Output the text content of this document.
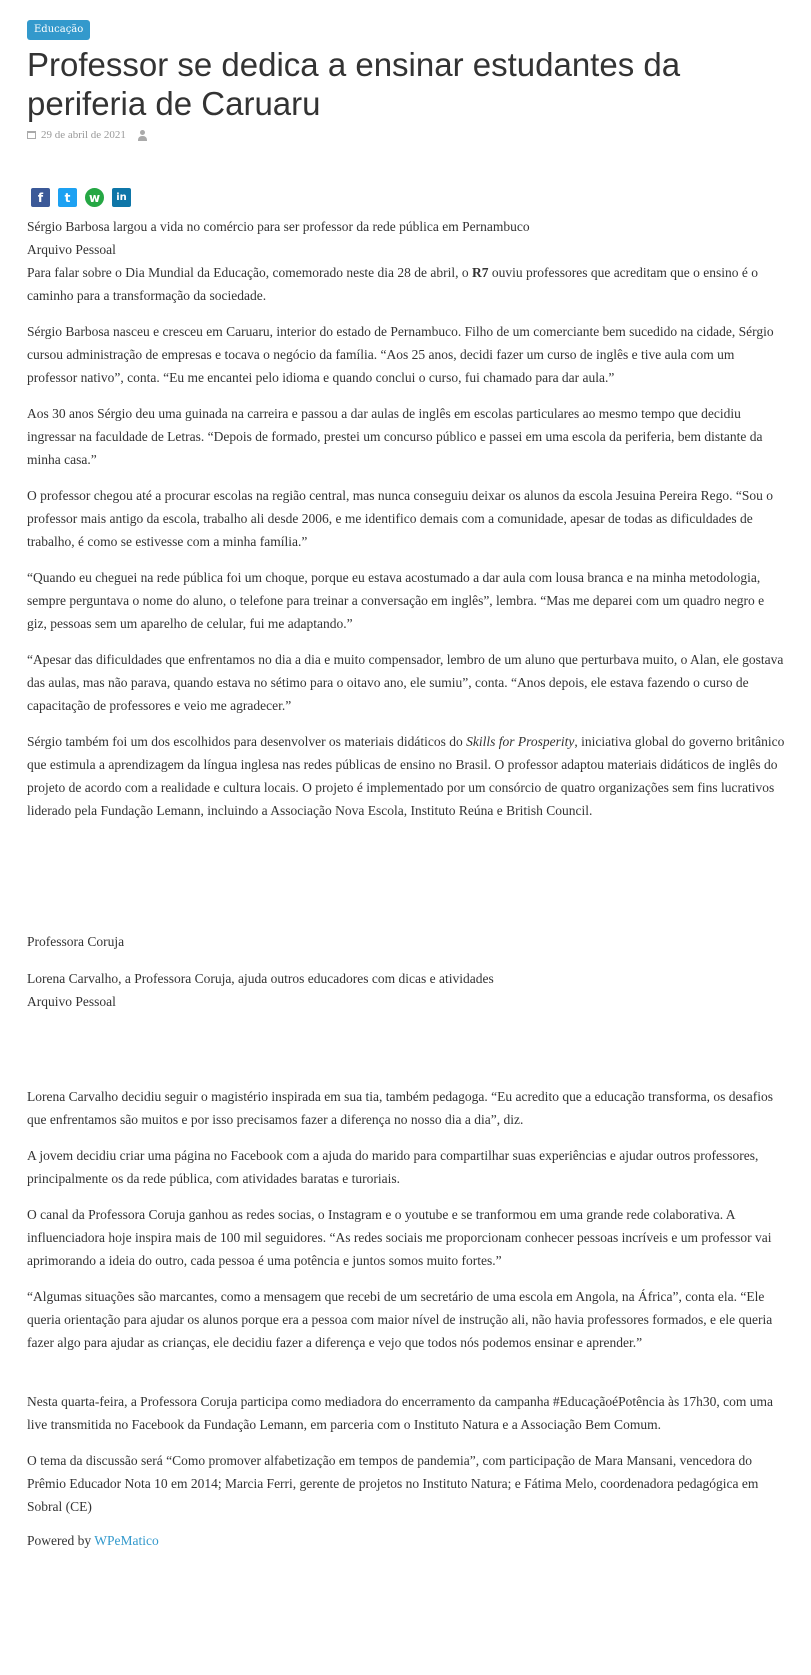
Educação
Professor se dedica a ensinar estudantes da periferia de Caruaru
29 de abril de 2021
f	t	w	in

Sérgio Barbosa largou a vida no comércio para ser professor da rede pública em Pernambuco

Arquivo Pessoal

Para falar sobre o Dia Mundial da Educação, comemorado neste dia 28 de abril, o R7 ouviu professores que acreditam que o ensino é o caminho para a transformação da sociedade.

Sérgio Barbosa nasceu e cresceu em Caruaru, interior do estado de Pernambuco. Filho de um comerciante bem sucedido na cidade, Sérgio cursou administração de empresas e tocava o negócio da família. “Aos 25 anos, decidi fazer um curso de inglês e tive aula com um professor nativo”, conta. “Eu me encantei pelo idioma e quando conclui o curso, fui chamado para dar aula.”

Aos 30 anos Sérgio deu uma guinada na carreira e passou a dar aulas de inglês em escolas particulares ao mesmo tempo que decidiu ingressar na faculdade de Letras. “Depois de formado, prestei um concurso público e passei em uma escola da periferia, bem distante da minha casa.”

O professor chegou até a procurar escolas na região central, mas nunca conseguiu deixar os alunos da escola Jesuina Pereira Rego. “Sou o professor mais antigo da escola, trabalho ali desde 2006, e me identifico demais com a comunidade, apesar de todas as dificuldades de trabalho, é como se estivesse com a minha família.”

“Quando eu cheguei na rede pública foi um choque, porque eu estava acostumado a dar aula com lousa branca e na minha metodologia, sempre perguntava o nome do aluno, o telefone para treinar a conversação em inglês”, lembra. “Mas me deparei com um quadro negro e giz, pessoas sem um aparelho de celular, fui me adaptando.”

“Apesar das dificuldades que enfrentamos no dia a dia e muito compensador, lembro de um aluno que perturbava muito, o Alan, ele gostava das aulas, mas não parava, quando estava no sétimo para o oitavo ano, ele sumiu”, conta. “Anos depois, ele estava fazendo o curso de capacitação de professores e veio me agradecer.”

Sérgio também foi um dos escolhidos para desenvolver os materiais didáticos do Skills for Prosperity, iniciativa global do governo britânico que estimula a aprendizagem da língua inglesa nas redes públicas de ensino no Brasil. O professor adaptou materiais didáticos de inglês do projeto de acordo com a realidade e cultura locais. O projeto é implementado por um consórcio de quatro organizações sem fins lucrativos liderado pela Fundação Lemann, incluindo a Associação Nova Escola, Instituto Reúna e British Council.

Professora Coruja

Lorena Carvalho, a Professora Coruja, ajuda outros educadores com dicas e atividades

Arquivo Pessoal

Lorena Carvalho decidiu seguir o magistério inspirada em sua tia, também pedagoga. “Eu acredito que a educação transforma, os desafios que enfrentamos são muitos e por isso precisamos fazer a diferença no nosso dia a dia”, diz.

A jovem decidiu criar uma página no Facebook com a ajuda do marido para compartilhar suas experiências e ajudar outros professores, principalmente os da rede pública, com atividades baratas e turoriais.

O canal da Professora Coruja ganhou as redes socias, o Instagram e o youtube e se tranformou em uma grande rede colaborativa. A influenciadora hoje inspira mais de 100 mil seguidores. “As redes sociais me proporcionam conhecer pessoas incríveis e um professor vai aprimorando a ideia do outro, cada pessoa é uma potência e juntos somos muito fortes.”

“Algumas situações são marcantes, como a mensagem que recebi de um secretário de uma escola em Angola, na África”, conta ela. “Ele queria orientação para ajudar os alunos porque era a pessoa com maior nível de instrução ali, não havia professores formados, e ele queria fazer algo para ajudar as crianças, ele decidiu fazer a diferença e vejo que todos nós podemos ensinar e aprender.”

Nesta quarta-feira, a Professora Coruja participa como mediadora do encerramento da campanha #EducaçãoéPotência às 17h30, com uma live transmitida no Facebook da Fundação Lemann, em parceria com o Instituto Natura e a Associação Bem Comum.

O tema da discussão será “Como promover alfabetização em tempos de pandemia”, com participação de Mara Mansani, vencedora do Prêmio Educador Nota 10 em 2014; Marcia Ferri, gerente de projetos no Instituto Natura; e Fátima Melo, coordenadora pedagógica em Sobral (CE)

Powered by WPeMatico
